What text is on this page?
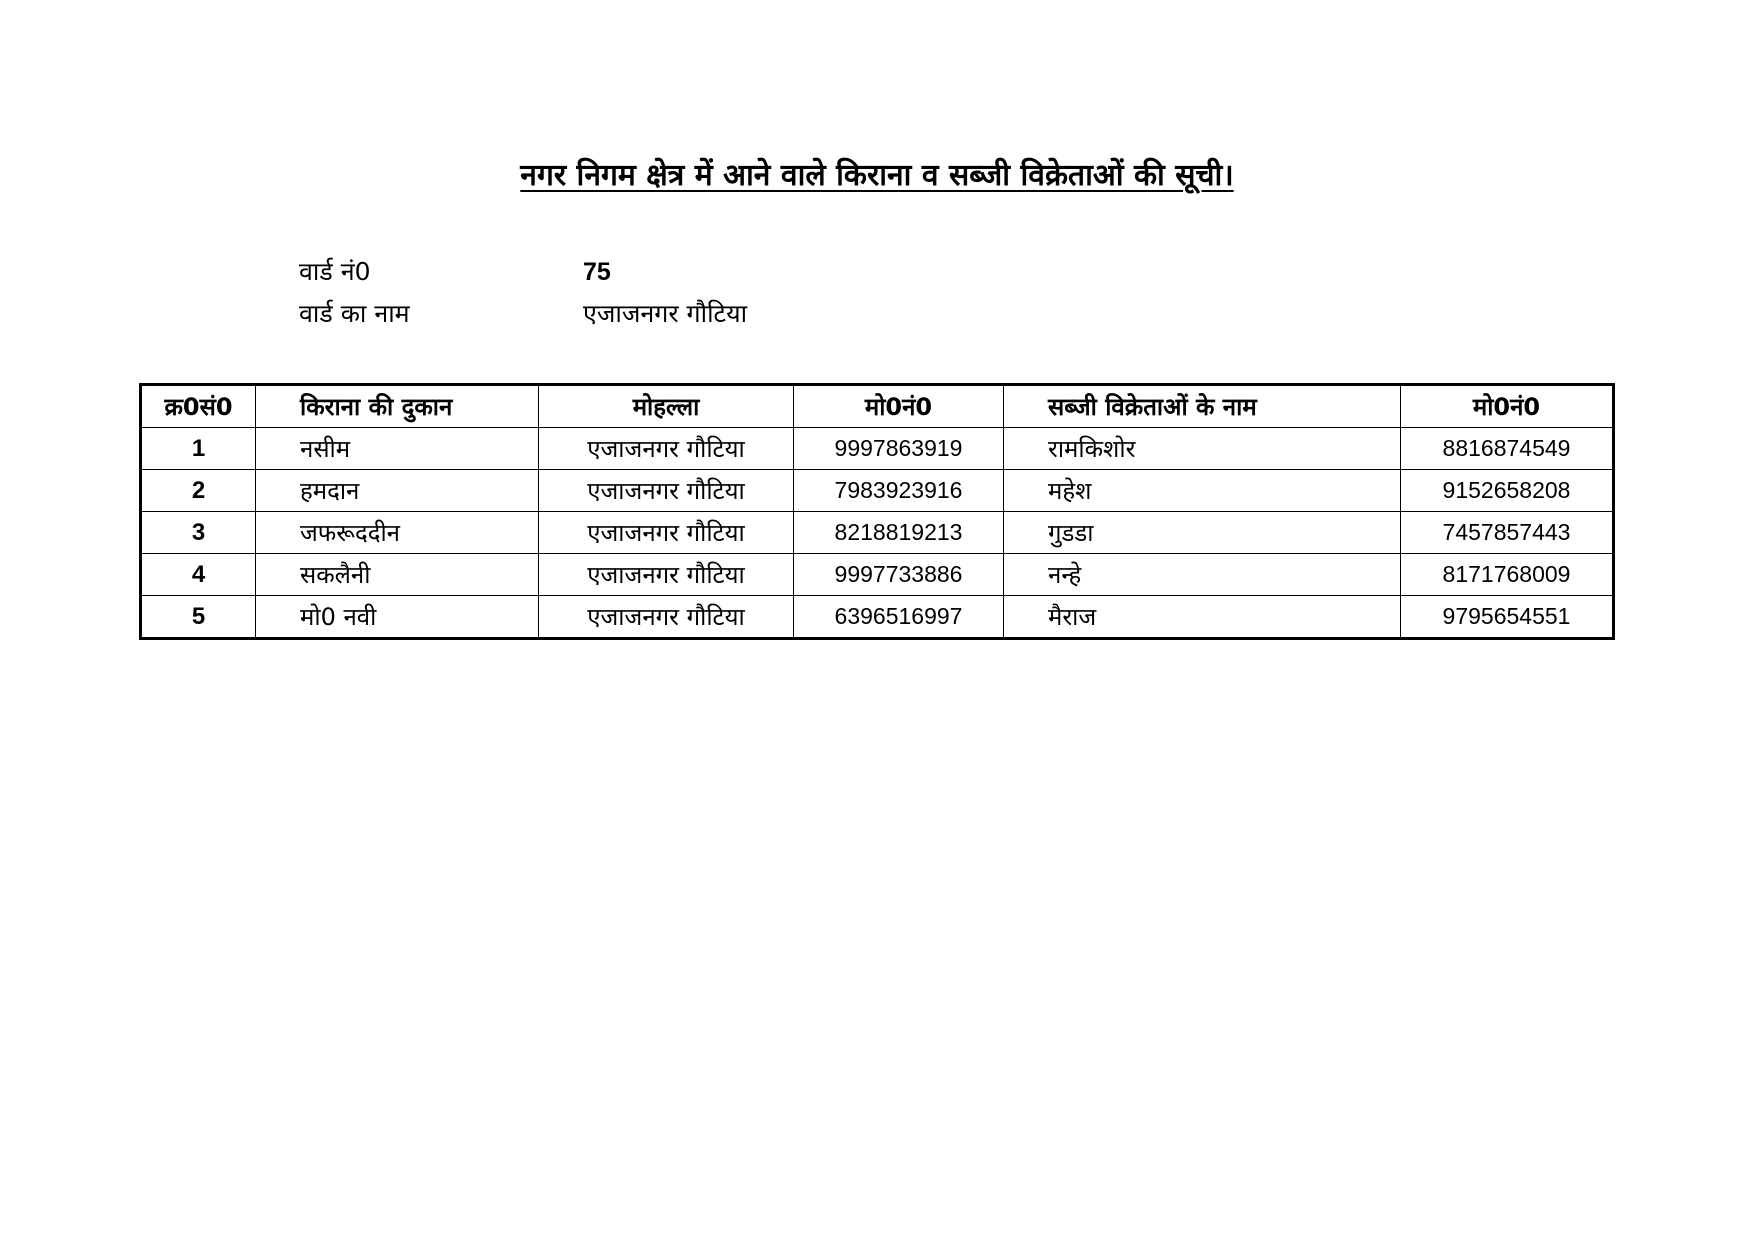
नगर निगम क्षेत्र में आने वाले किराना व सब्जी विक्रेताओं की सूची।
वार्ड नं0	75
वार्ड का नाम	एजाजनगर गौटिया
क्र0सं0	किराना की दुकान	मोहल्ला	मो0नं0	सब्जी विक्रेताओं के नाम	मो0नं0
1	नसीम	एजाजनगर गौटिया	9997863919	रामकिशोर	8816874549
2	हमदान	एजाजनगर गौटिया	7983923916	महेश	9152658208
3	जफरूददीन	एजाजनगर गौटिया	8218819213	गुडडा	7457857443
4	सकलैनी	एजाजनगर गौटिया	9997733886	नन्हे	8171768009
5	मो0 नवी	एजाजनगर गौटिया	6396516997	मैराज	9795654551
